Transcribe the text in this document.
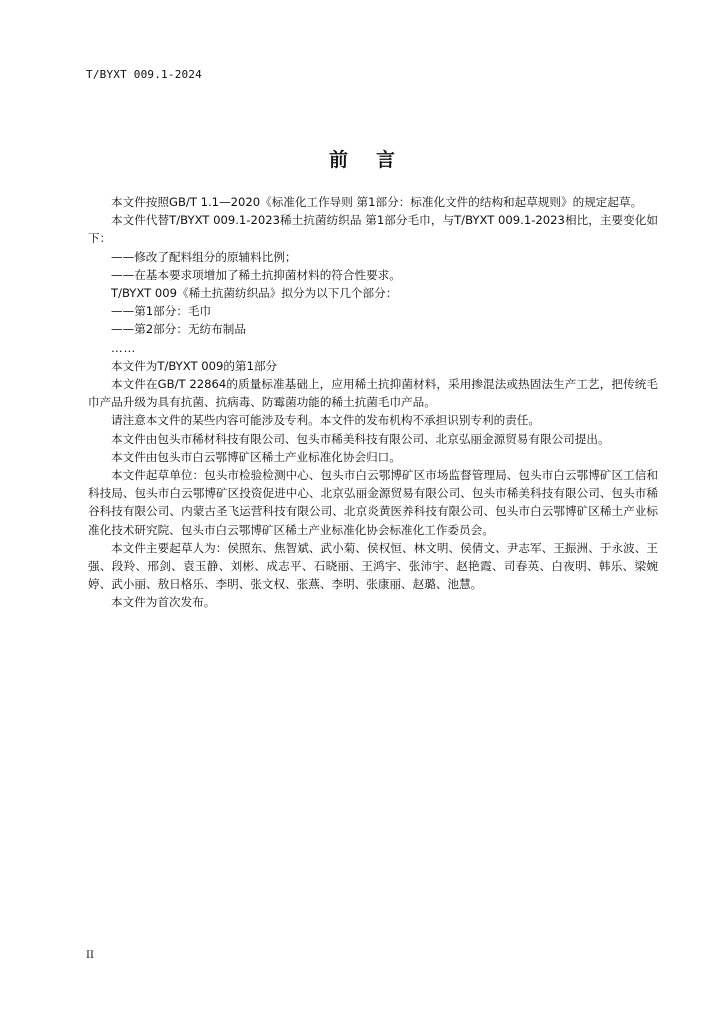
T/BYXT 009.1-2024
前言

本文件按照GB/T 1.1—2020《标准化工作导则 第1部分：标准化文件的结构和起草规则》的规定起草。

本文件代替T/BYXT 009.1-2023稀土抗菌纺织品 第1部分毛巾，与T/BYXT 009.1-2023相比，主要变化如下：

——修改了配料组分的原辅料比例；

——在基本要求项增加了稀土抗抑菌材料的符合性要求。

T/BYXT 009《稀土抗菌纺织品》拟分为以下几个部分：

——第1部分：毛巾

——第2部分：无纺布制品

……

本文件为T/BYXT 009的第1部分

本文件在GB/T 22864的质量标准基础上，应用稀土抗抑菌材料，采用掺混法或热固法生产工艺，把传统毛巾产品升级为具有抗菌、抗病毒、防霉菌功能的稀土抗菌毛巾产品。

请注意本文件的某些内容可能涉及专利。本文件的发布机构不承担识别专利的责任。

本文件由包头市稀材科技有限公司、包头市稀美科技有限公司、北京弘丽金源贸易有限公司提出。

本文件由包头市白云鄂博矿区稀土产业标准化协会归口。

本文件起草单位：包头市检验检测中心、包头市白云鄂博矿区市场监督管理局、包头市白云鄂博矿区工信和科技局、包头市白云鄂博矿区投资促进中心、北京弘丽金源贸易有限公司、包头市稀美科技有限公司、包头市稀谷科技有限公司、内蒙古圣飞运营科技有限公司、北京炎黄医养科技有限公司、包头市白云鄂博矿区稀土产业标准化技术研究院、包头市白云鄂博矿区稀土产业标准化协会标准化工作委员会。

本文件主要起草人为：侯照东、焦智斌、武小菊、侯权恒、林文明、侯倩文、尹志军、王振洲、于永波、王强、段羚、邢剑、袁玉静、刘彬、成志平、石晓丽、王鸿宇、张沛宇、赵艳霞、司春英、白夜明、韩乐、梁婉婷、武小丽、敖日格乐、李明、张文权、张燕、李明、张康丽、赵璐、池慧。

本文件为首次发布。

II
